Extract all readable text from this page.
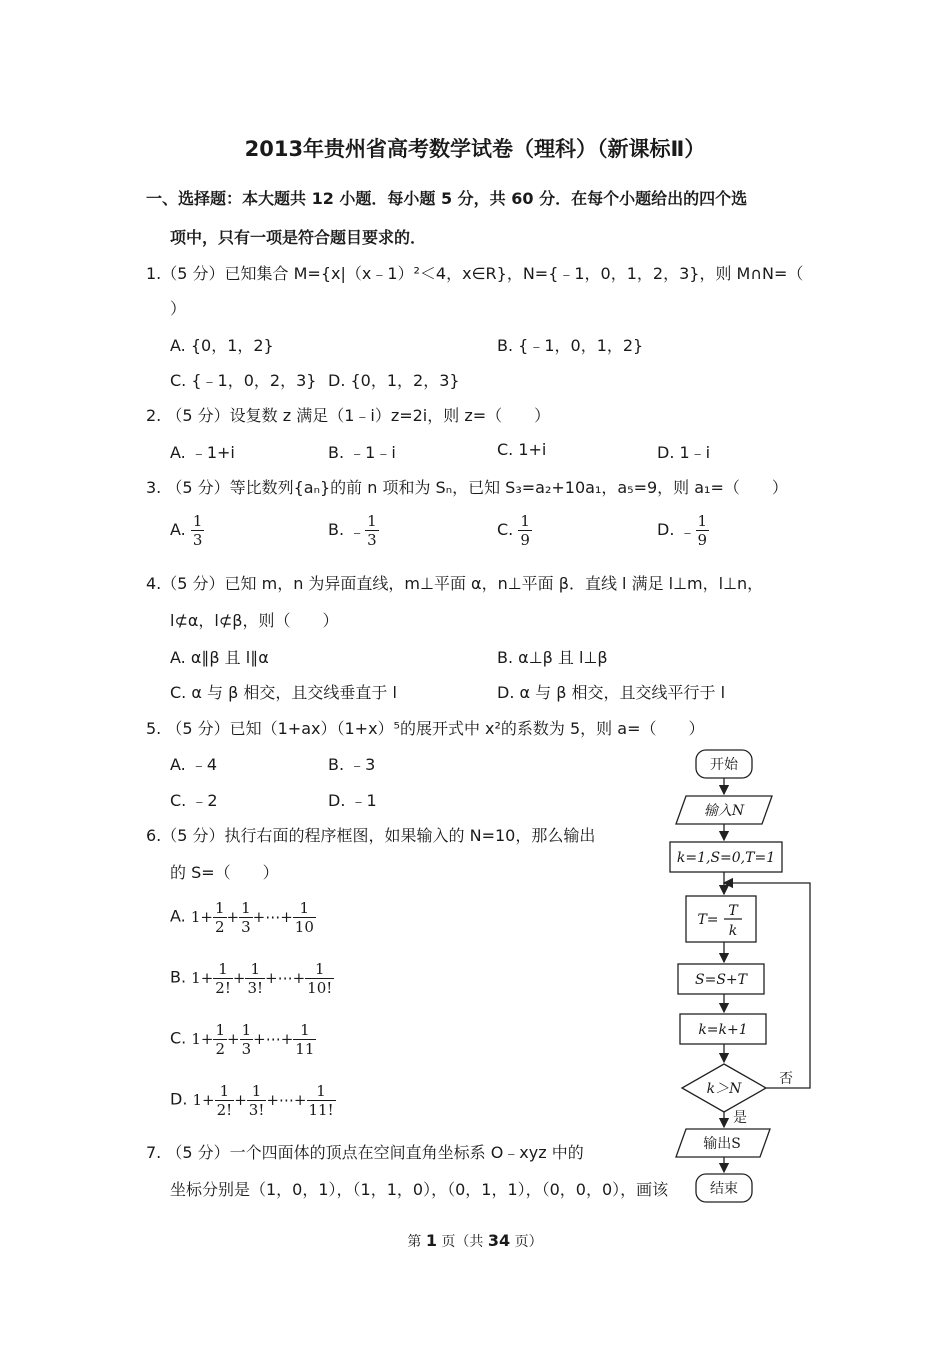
2013年贵州省高考数学试卷（理科）（新课标Ⅱ）
一、选择题：本大题共 12 小题．每小题 5 分，共 60 分．在每个小题给出的四个选
项中，只有一项是符合题目要求的．
1.（5 分）已知集合 M={x|（x﹣1）²＜4，x∈R}，N={﹣1，0，1，2，3}，则 M∩N=（
）
A. {0，1，2}	B. {﹣1，0，1，2}
C. {﹣1，0，2，3} D. {0，1，2，3}
2. （5 分）设复数 z 满足（1﹣i）z=2i，则 z=（　　）
A. ﹣1+i	B. ﹣1﹣i	C. 1+i	D. 1﹣i
3. （5 分）等比数列{aₙ}的前 n 项和为 Sₙ，已知 S₃=a₂+10a₁，a₅=9，则 a₁=（　　）
A. $\frac{1}{3}$	B. ﹣ $\frac{1}{3}$	C. $\frac{1}{9}$	D. ﹣ $\frac{1}{9}$
4.（5 分）已知 m，n 为异面直线，m⊥平面 α，n⊥平面 β．直线 l 满足 l⊥m，l⊥n，
l⊄α，l⊄β，则（　　）
A. α∥β 且 l∥α	B. α⊥β 且 l⊥β
C. α 与 β 相交，且交线垂直于 l	D. α 与 β 相交，且交线平行于 l
5. （5 分）已知（1+ax）（1+x）⁵的展开式中 x²的系数为 5，则 a=（　　）
A. ﹣4	B. ﹣3
C. ﹣2	D. ﹣1
6.（5 分）执行右面的程序框图，如果输入的 N=10，那么输出
的 S=（　　）
A. $1+ \frac{1}{2} + \frac{1}{3}$ +⋯+ $\frac{1}{10}$
B. $1+ \frac{1}{2!} + \frac{1}{3!}$ +⋯+ $\frac{1}{10!}$
C. $1+ \frac{1}{2} + \frac{1}{3}$ +⋯+ $\frac{1}{11}$
D. $1+ \frac{1}{2!} + \frac{1}{3!}$ +⋯+ $\frac{1}{11!}$
7. （5 分）一个四面体的顶点在空间直角坐标系 O﹣xyz 中的
坐标分别是（1，0，1），（1，1，0），（0，1，1），（0，0，0），画该
开始
输入N
k=1,S=0,T=1
T=
T
k
S=S+T
k=k+1
k＞N
否
是
输出S
结束
第 1 页（共 34 页）
